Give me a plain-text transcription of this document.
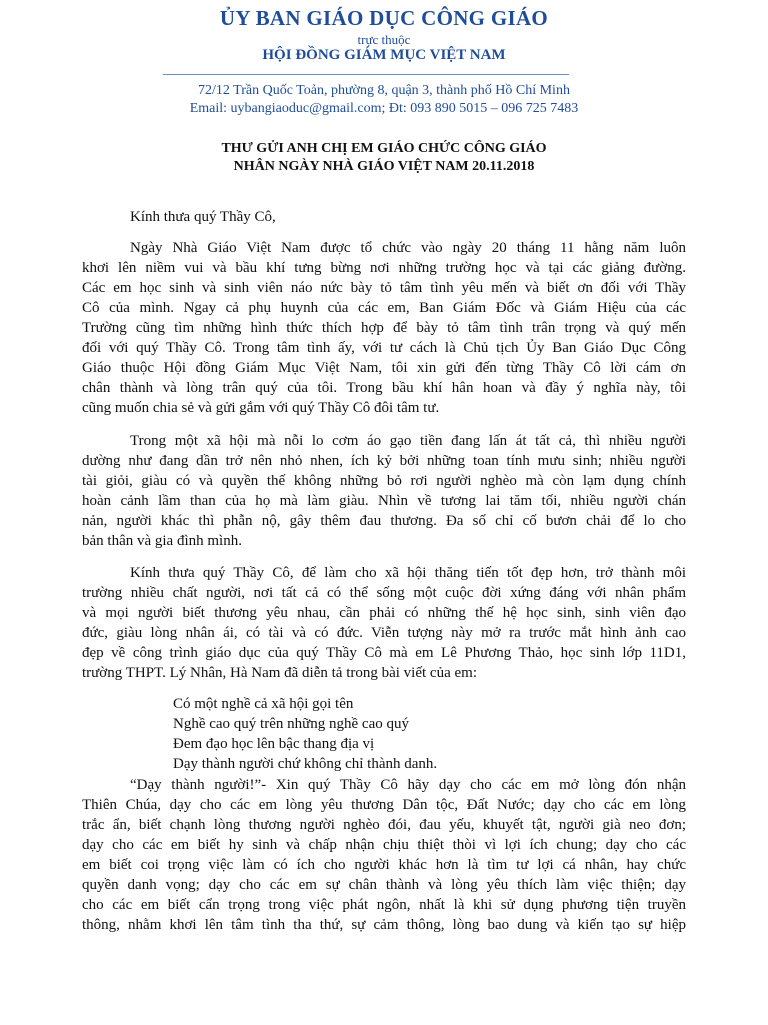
ỦY BAN GIÁO DỤC CÔNG GIÁO
trực thuộc
HỘI ĐỒNG GIÁM MỤC VIỆT NAM
72/12 Trần Quốc Toản, phường 8, quận 3, thành phố Hồ Chí Minh
Email: uybangiaoduc@gmail.com; Đt: 093 890 5015 – 096 725 7483
THƯ GỬI ANH CHỊ EM GIÁO CHỨC CÔNG GIÁO
NHÂN NGÀY NHÀ GIÁO VIỆT NAM 20.11.2018
Kính thưa quý Thầy Cô,
Ngày Nhà Giáo Việt Nam được tổ chức vào ngày 20 tháng 11 hằng năm luôn
khơi lên niềm vui và bầu khí tưng bừng nơi những trường học và tại các giảng đường.
Các em học sinh và sinh viên náo nức bày tỏ tâm tình yêu mến và biết ơn đối với Thầy
Cô của mình. Ngay cả phụ huynh của các em, Ban Giám Đốc và Giám Hiệu của các
Trường cũng tìm những hình thức thích hợp để bày tỏ tâm tình trân trọng và quý mến
đối với quý Thầy Cô. Trong tâm tình ấy, với tư cách là Chủ tịch Ủy Ban Giáo Dục Công
Giáo thuộc Hội đồng Giám Mục Việt Nam, tôi xin gửi đến từng Thầy Cô lời cám ơn
chân thành và lòng trân quý của tôi. Trong bầu khí hân hoan và đầy ý nghĩa này, tôi
cũng muốn chia sẻ và gửi gắm với quý Thầy Cô đôi tâm tư.
Trong một xã hội mà nỗi lo cơm áo gạo tiền đang lấn át tất cả, thì nhiều người
dường như đang dần trở nên nhỏ nhen, ích kỷ bởi những toan tính mưu sinh; nhiều người
tài giỏi, giàu có và quyền thế không những bỏ rơi người nghèo mà còn lạm dụng chính
hoàn cảnh lầm than của họ mà làm giàu. Nhìn về tương lai tăm tối, nhiều người chán
nản, người khác thì phẫn nộ, gây thêm đau thương. Đa số chỉ cố bươn chải để lo cho
bản thân và gia đình mình.
Kính thưa quý Thầy Cô, để làm cho xã hội thăng tiến tốt đẹp hơn, trở thành môi
trường nhiều chất người, nơi tất cả có thể sống một cuộc đời xứng đáng với nhân phẩm
và mọi người biết thương yêu nhau, cần phải có những thế hệ học sinh, sinh viên đạo
đức, giàu lòng nhân ái, có tài và có đức. Viễn tượng này mở ra trước mắt hình ảnh cao
đẹp về công trình giáo dục của quý Thầy Cô mà em Lê Phương Thảo, học sinh lớp 11D1,
trường THPT. Lý Nhân, Hà Nam đã diễn tả trong bài viết của em:
Có một nghề cả xã hội gọi tên
Nghề cao quý trên những nghề cao quý
Đem đạo học lên bậc thang địa vị
Dạy thành người chứ không chỉ thành danh.
“Dạy thành người!”- Xin quý Thầy Cô hãy dạy cho các em mở lòng đón nhận
Thiên Chúa, dạy cho các em lòng yêu thương Dân tộc, Đất Nước; dạy cho các em lòng
trắc ẩn, biết chạnh lòng thương người nghèo đói, đau yếu, khuyết tật, người già neo đơn;
dạy cho các em biết hy sinh và chấp nhận chịu thiệt thòi vì lợi ích chung; dạy cho các
em biết coi trọng việc làm có ích cho người khác hơn là tìm tư lợi cá nhân, hay chức
quyền danh vọng; dạy cho các em sự chân thành và lòng yêu thích làm việc thiện; dạy
cho các em biết cẩn trọng trong việc phát ngôn, nhất là khi sử dụng phương tiện truyền
thông, nhằm khơi lên tâm tình tha thứ, sự cảm thông, lòng bao dung và kiến tạo sự hiệp
